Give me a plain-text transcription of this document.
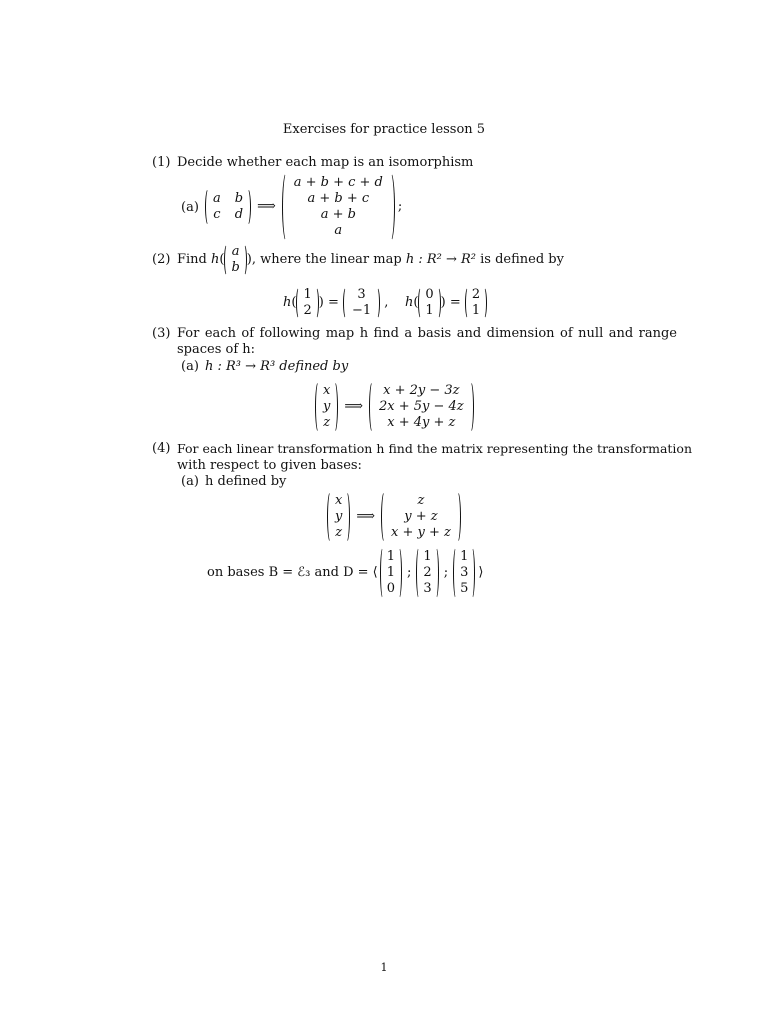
Exercises for practice lesson 5
(1) Decide whether each map is an isomorphism
(a)
a b
c d
⟹
a + b + c + d
a + b + c
a + b
a
;
(2) Find
h (
a
b
), where the linear map
h : R² → R²
is defined by
h (
1
2
) =
3
−1
, h (
0
1
) =
2
1
(3) For each of following map h find a basis and dimension of null and range
spaces of h:
(a) h : R³ → R³ defined by
x
y
z
⟹
x + 2y − 3z
2x + 5y − 4z
x + 4y + z
(4) For each linear transformation h find the matrix representing the transformation
with respect to given bases:
(a) h defined by
x
y
z
⟹
z
y + z
x + y + z
on bases B = ℰ₃ and D = ⟨
1
1
0
;
1
2
3
;
1
3
5
⟩
1
